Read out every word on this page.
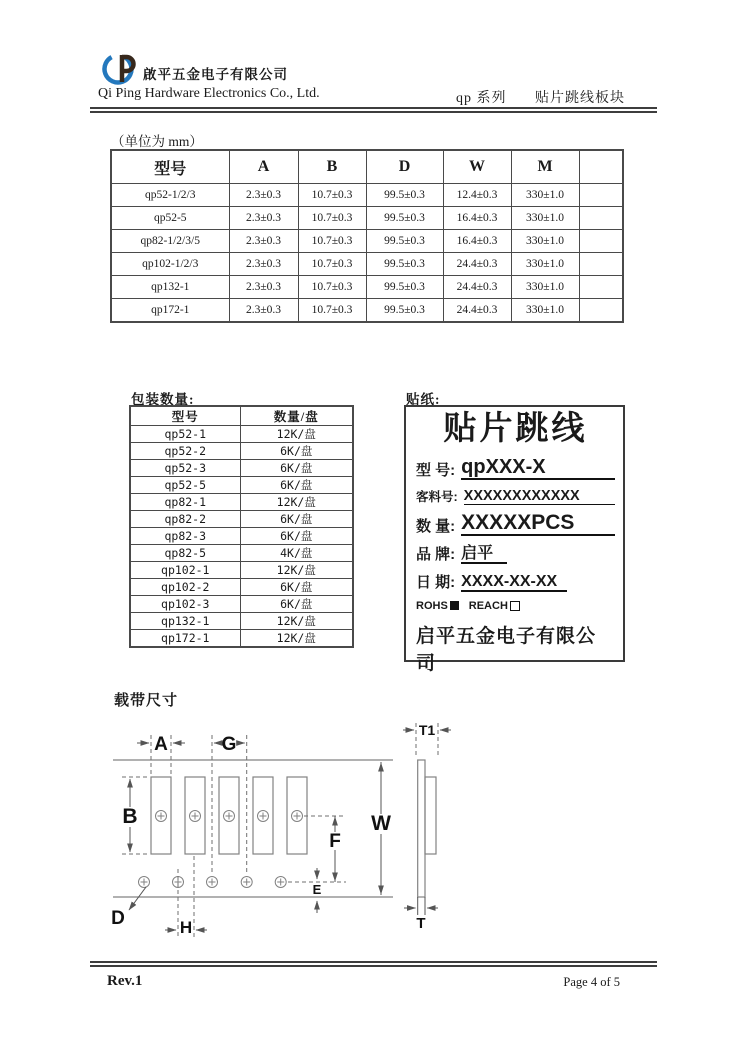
啟平五金电子有限公司
Qi Ping Hardware Electronics Co., Ltd.	qp 系列 贴片跳线板块
（单位为 mm）
型号	A	B	D	W	M	
qp52-1/2/3	2.3±0.3	10.7±0.3	99.5±0.3	12.4±0.3	330±1.0	
qp52-5	2.3±0.3	10.7±0.3	99.5±0.3	16.4±0.3	330±1.0	
qp82-1/2/3/5	2.3±0.3	10.7±0.3	99.5±0.3	16.4±0.3	330±1.0	
qp102-1/2/3	2.3±0.3	10.7±0.3	99.5±0.3	24.4±0.3	330±1.0	
qp132-1	2.3±0.3	10.7±0.3	99.5±0.3	24.4±0.3	330±1.0	
qp172-1	2.3±0.3	10.7±0.3	99.5±0.3	24.4±0.3	330±1.0	
包装数量:
型号	数量/盘
qp52-1	12K/盘
qp52-2	6K/盘
qp52-3	6K/盘
qp52-5	6K/盘
qp82-1	12K/盘
qp82-2	6K/盘
qp82-3	6K/盘
qp82-5	4K/盘
qp102-1	12K/盘
qp102-2	6K/盘
qp102-3	6K/盘
qp132-1	12K/盘
qp172-1	12K/盘
贴纸:
贴片跳线
型 号: qpXXX-X
客料号: XXXXXXXXXXXX
数 量: XXXXXPCS
品 牌: 启平
日 期: XXXX-XX-XX
ROHS REACH
启平五金电子有限公司
载带尺寸
A	G
B	W
F
E
D	H
T1
T
Rev.1	Page 4 of 5
